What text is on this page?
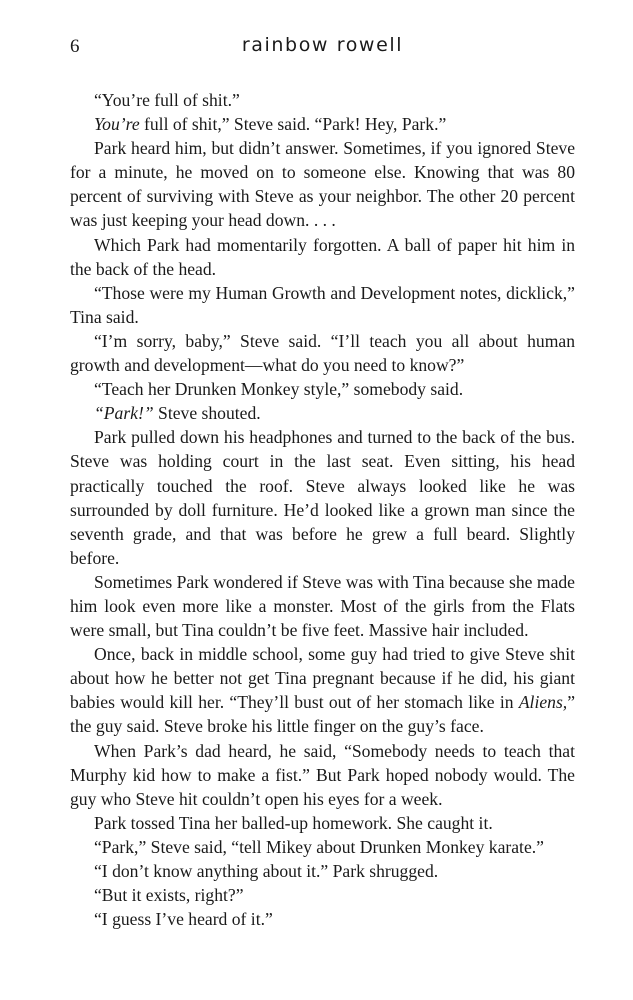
6	rainbow rowell

“You’re full of shit.”

You’re full of shit,” Steve said. “Park! Hey, Park.”

Park heard him, but didn’t answer. Sometimes, if you ignored Steve for a minute, he moved on to someone else. Knowing that was 80 percent of surviving with Steve as your neighbor. The other 20 percent was just keeping your head down. . . .

Which Park had momentarily forgotten. A ball of paper hit him in the back of the head.

“Those were my Human Growth and Development notes, dicklick,” Tina said.

“I’m sorry, baby,” Steve said. “I’ll teach you all about human growth and development—what do you need to know?”

“Teach her Drunken Monkey style,” somebody said.

“Park!” Steve shouted.

Park pulled down his headphones and turned to the back of the bus. Steve was holding court in the last seat. Even sitting, his head practically touched the roof. Steve always looked like he was surrounded by doll furniture. He’d looked like a grown man since the seventh grade, and that was before he grew a full beard. Slightly before.

Sometimes Park wondered if Steve was with Tina because she made him look even more like a monster. Most of the girls from the Flats were small, but Tina couldn’t be five feet. Massive hair included.

Once, back in middle school, some guy had tried to give Steve shit about how he better not get Tina pregnant because if he did, his giant babies would kill her. “They’ll bust out of her stomach like in Aliens,” the guy said. Steve broke his little finger on the guy’s face.

When Park’s dad heard, he said, “Somebody needs to teach that Murphy kid how to make a fist.” But Park hoped nobody would. The guy who Steve hit couldn’t open his eyes for a week.

Park tossed Tina her balled-up homework. She caught it.

“Park,” Steve said, “tell Mikey about Drunken Monkey karate.”

“I don’t know anything about it.” Park shrugged.

“But it exists, right?”

“I guess I’ve heard of it.”
